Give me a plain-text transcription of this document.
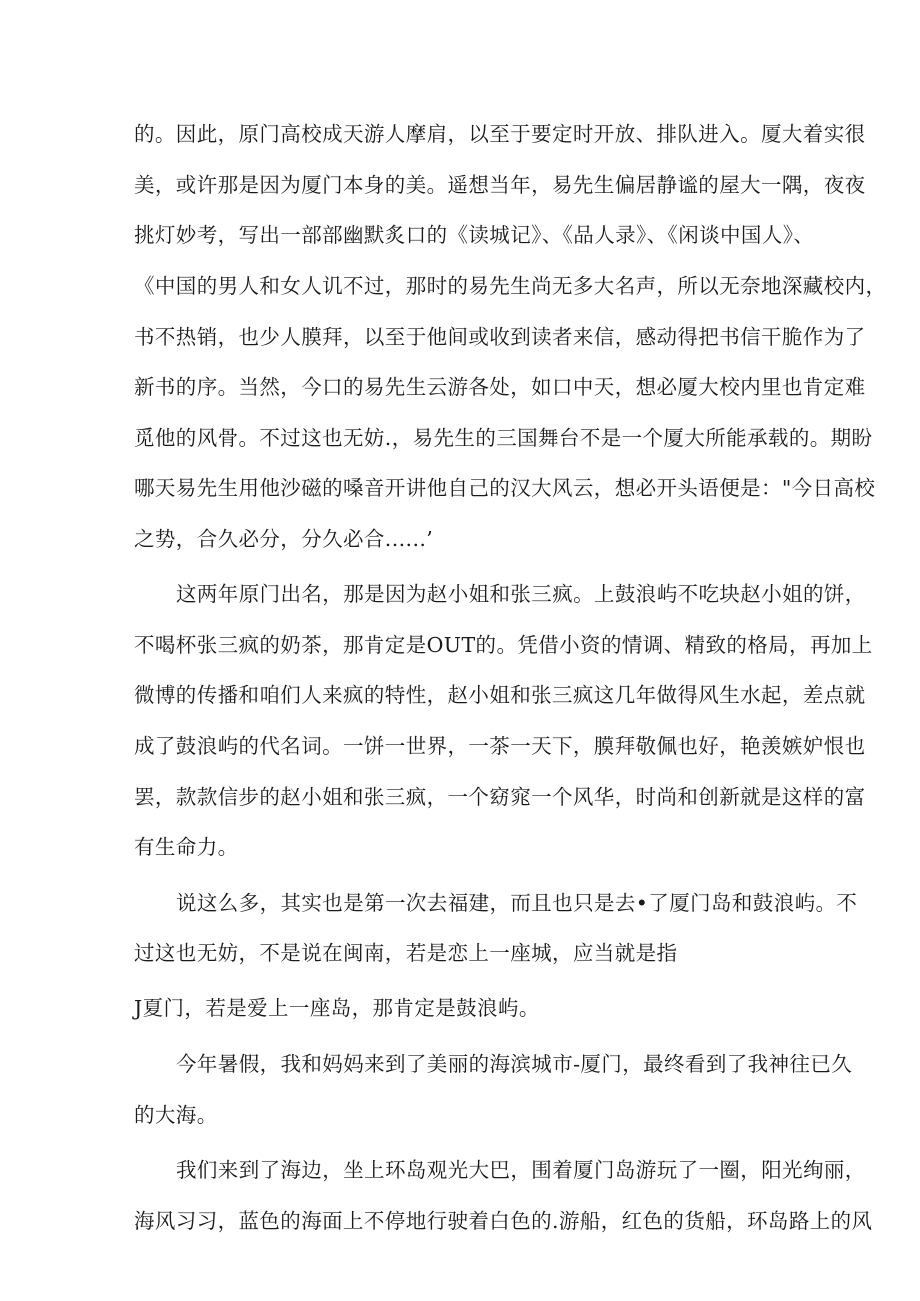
的。因此，原门高校成天游人摩肩，以至于要定时开放、排队进入。厦大着实很
美，或许那是因为厦门本身的美。遥想当年，易先生偏居静谧的屋大一隅，夜夜
挑灯妙考，写出一部部幽默炙口的《读城记》、《品人录》、《闲谈中国人》、
《中国的男人和女人讥不过，那时的易先生尚无多大名声，所以无奈地深藏校内，
书不热销，也少人膜拜，以至于他间或收到读者来信，感动得把书信干脆作为了
新书的序。当然，今口的易先生云游各处，如口中天，想必厦大校内里也肯定难
觅他的风骨。不过这也无妨.，易先生的三国舞台不是一个厦大所能承载的。期盼
哪天易先生用他沙磁的嗓音开讲他自己的汉大风云，想必开头语便是："今日高校
之势，合久必分，分久必合......’
这两年原门出名，那是因为赵小姐和张三疯。上鼓浪屿不吃块赵小姐的饼，
不喝杯张三疯的奶茶，那肯定是OUT的。凭借小资的情调、精致的格局，再加上
微博的传播和咱们人来疯的特性，赵小姐和张三疯这几年做得风生水起，差点就
成了鼓浪屿的代名词。一饼一世界，一茶一天下，膜拜敬佩也好，艳羡嫉妒恨也
罢，款款信步的赵小姐和张三疯，一个窈窕一个风华，时尚和创新就是这样的富
有生命力。
说这么多，其实也是第一次去福建，而且也只是去•了厦门岛和鼓浪屿。不
过这也无妨，不是说在闽南，若是恋上一座城，应当就是指
J夏门，若是爱上一座岛，那肯定是鼓浪屿。
今年暑假，我和妈妈来到了美丽的海滨城市-厦门，最终看到了我神往已久
的大海。
我们来到了海边，坐上环岛观光大巴，围着厦门岛游玩了一圈，阳光绚丽，
海风习习，蓝色的海面上不停地行驶着白色的.游船，红色的货船，环岛路上的风
